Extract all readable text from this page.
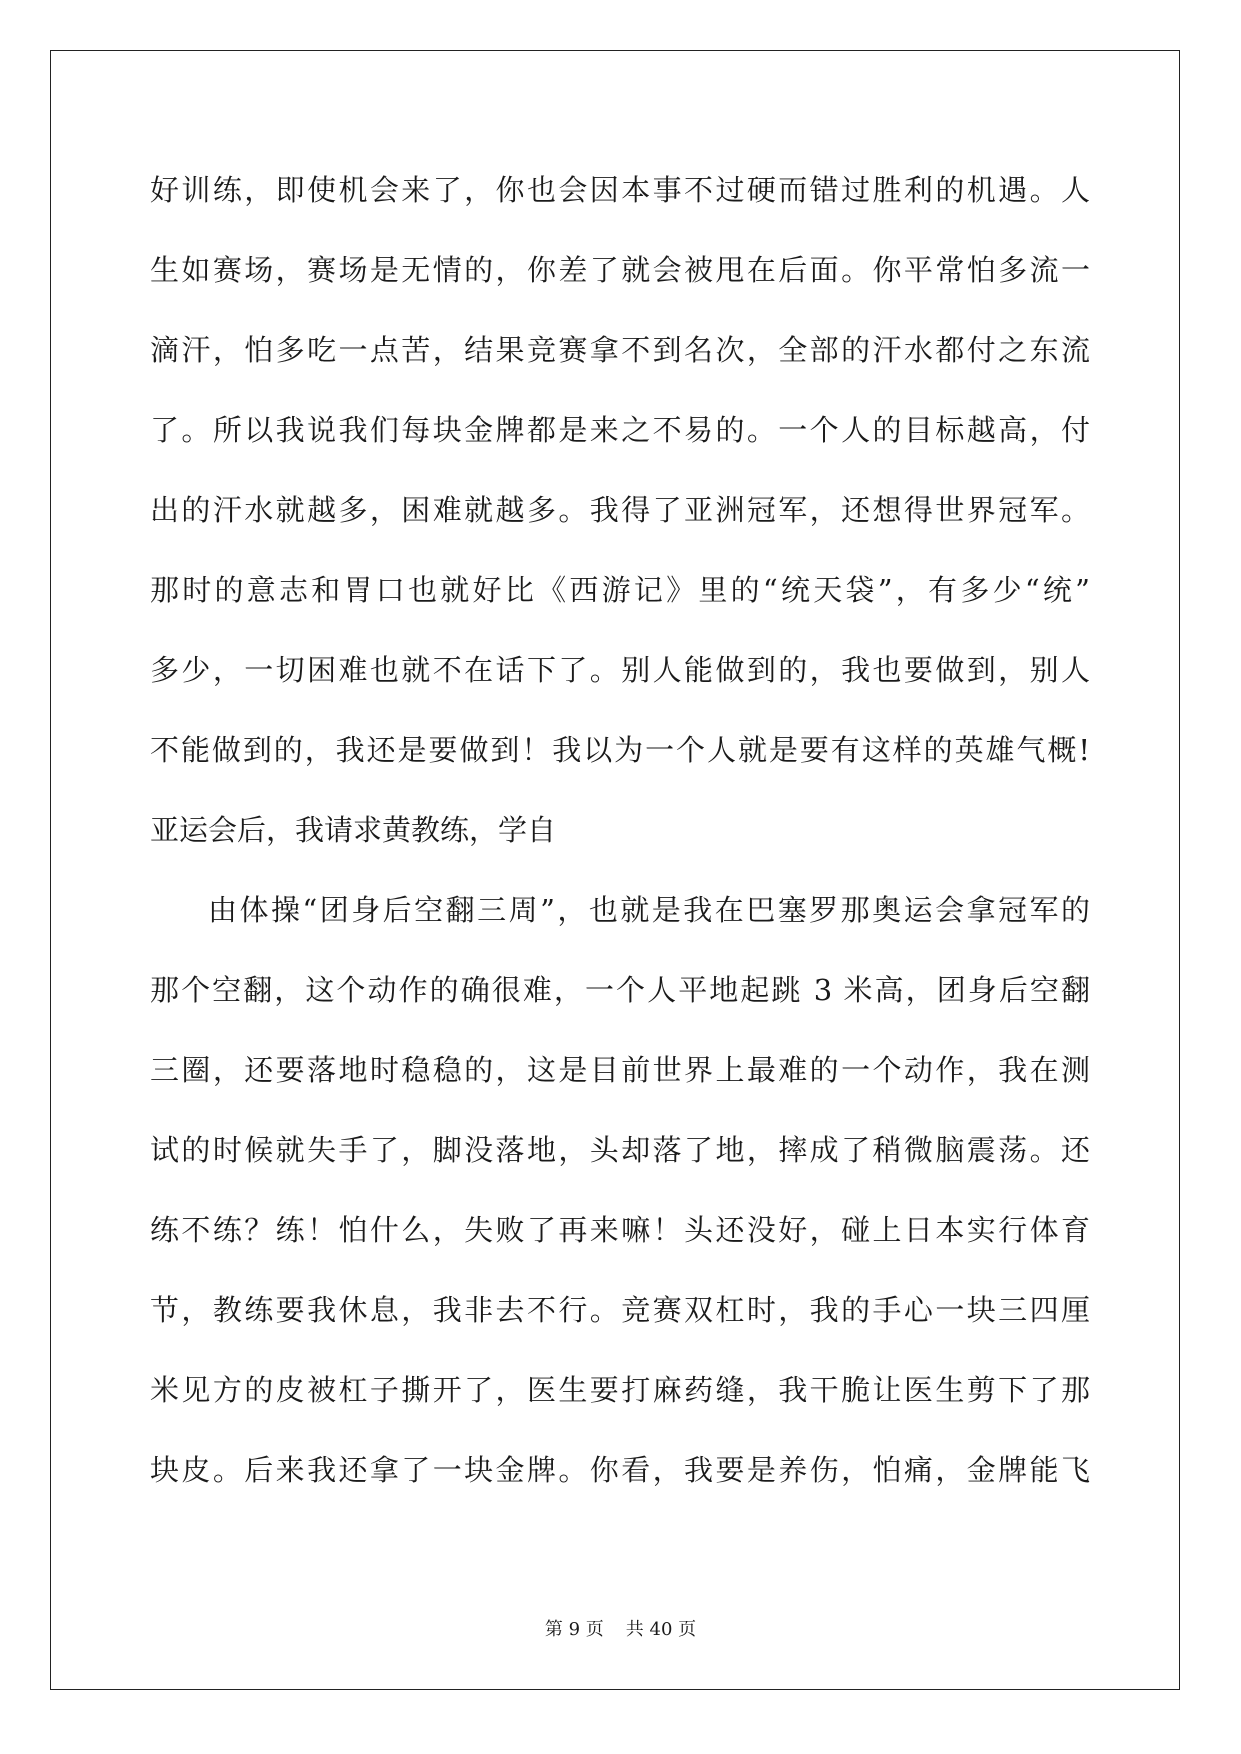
好训练，即使机会来了，你也会因本事不过硬而错过胜利的机遇。人
生如赛场，赛场是无情的，你差了就会被甩在后面。你平常怕多流一
滴汗，怕多吃一点苦，结果竞赛拿不到名次，全部的汗水都付之东流
了。所以我说我们每块金牌都是来之不易的。一个人的目标越高，付
出的汗水就越多，困难就越多。我得了亚洲冠军，还想得世界冠军。
那时的意志和胃口也就好比《西游记》里的“统天袋”，有多少“统”
多少，一切困难也就不在话下了。别人能做到的，我也要做到，别人
不能做到的，我还是要做到！我以为一个人就是要有这样的英雄气概!
亚运会后，我请求黄教练，学自
由体操“团身后空翻三周”，也就是我在巴塞罗那奥运会拿冠军的
那个空翻，这个动作的确很难，一个人平地起跳 3 米高，团身后空翻
三圈，还要落地时稳稳的，这是目前世界上最难的一个动作，我在测
试的时候就失手了，脚没落地，头却落了地，摔成了稍微脑震荡。还
练不练？练！怕什么，失败了再来嘛！头还没好，碰上日本实行体育
节，教练要我休息，我非去不行。竞赛双杠时，我的手心一块三四厘
米见方的皮被杠子撕开了，医生要打麻药缝，我干脆让医生剪下了那
块皮。后来我还拿了一块金牌。你看，我要是养伤，怕痛，金牌能飞
第 9 页 共 40 页
